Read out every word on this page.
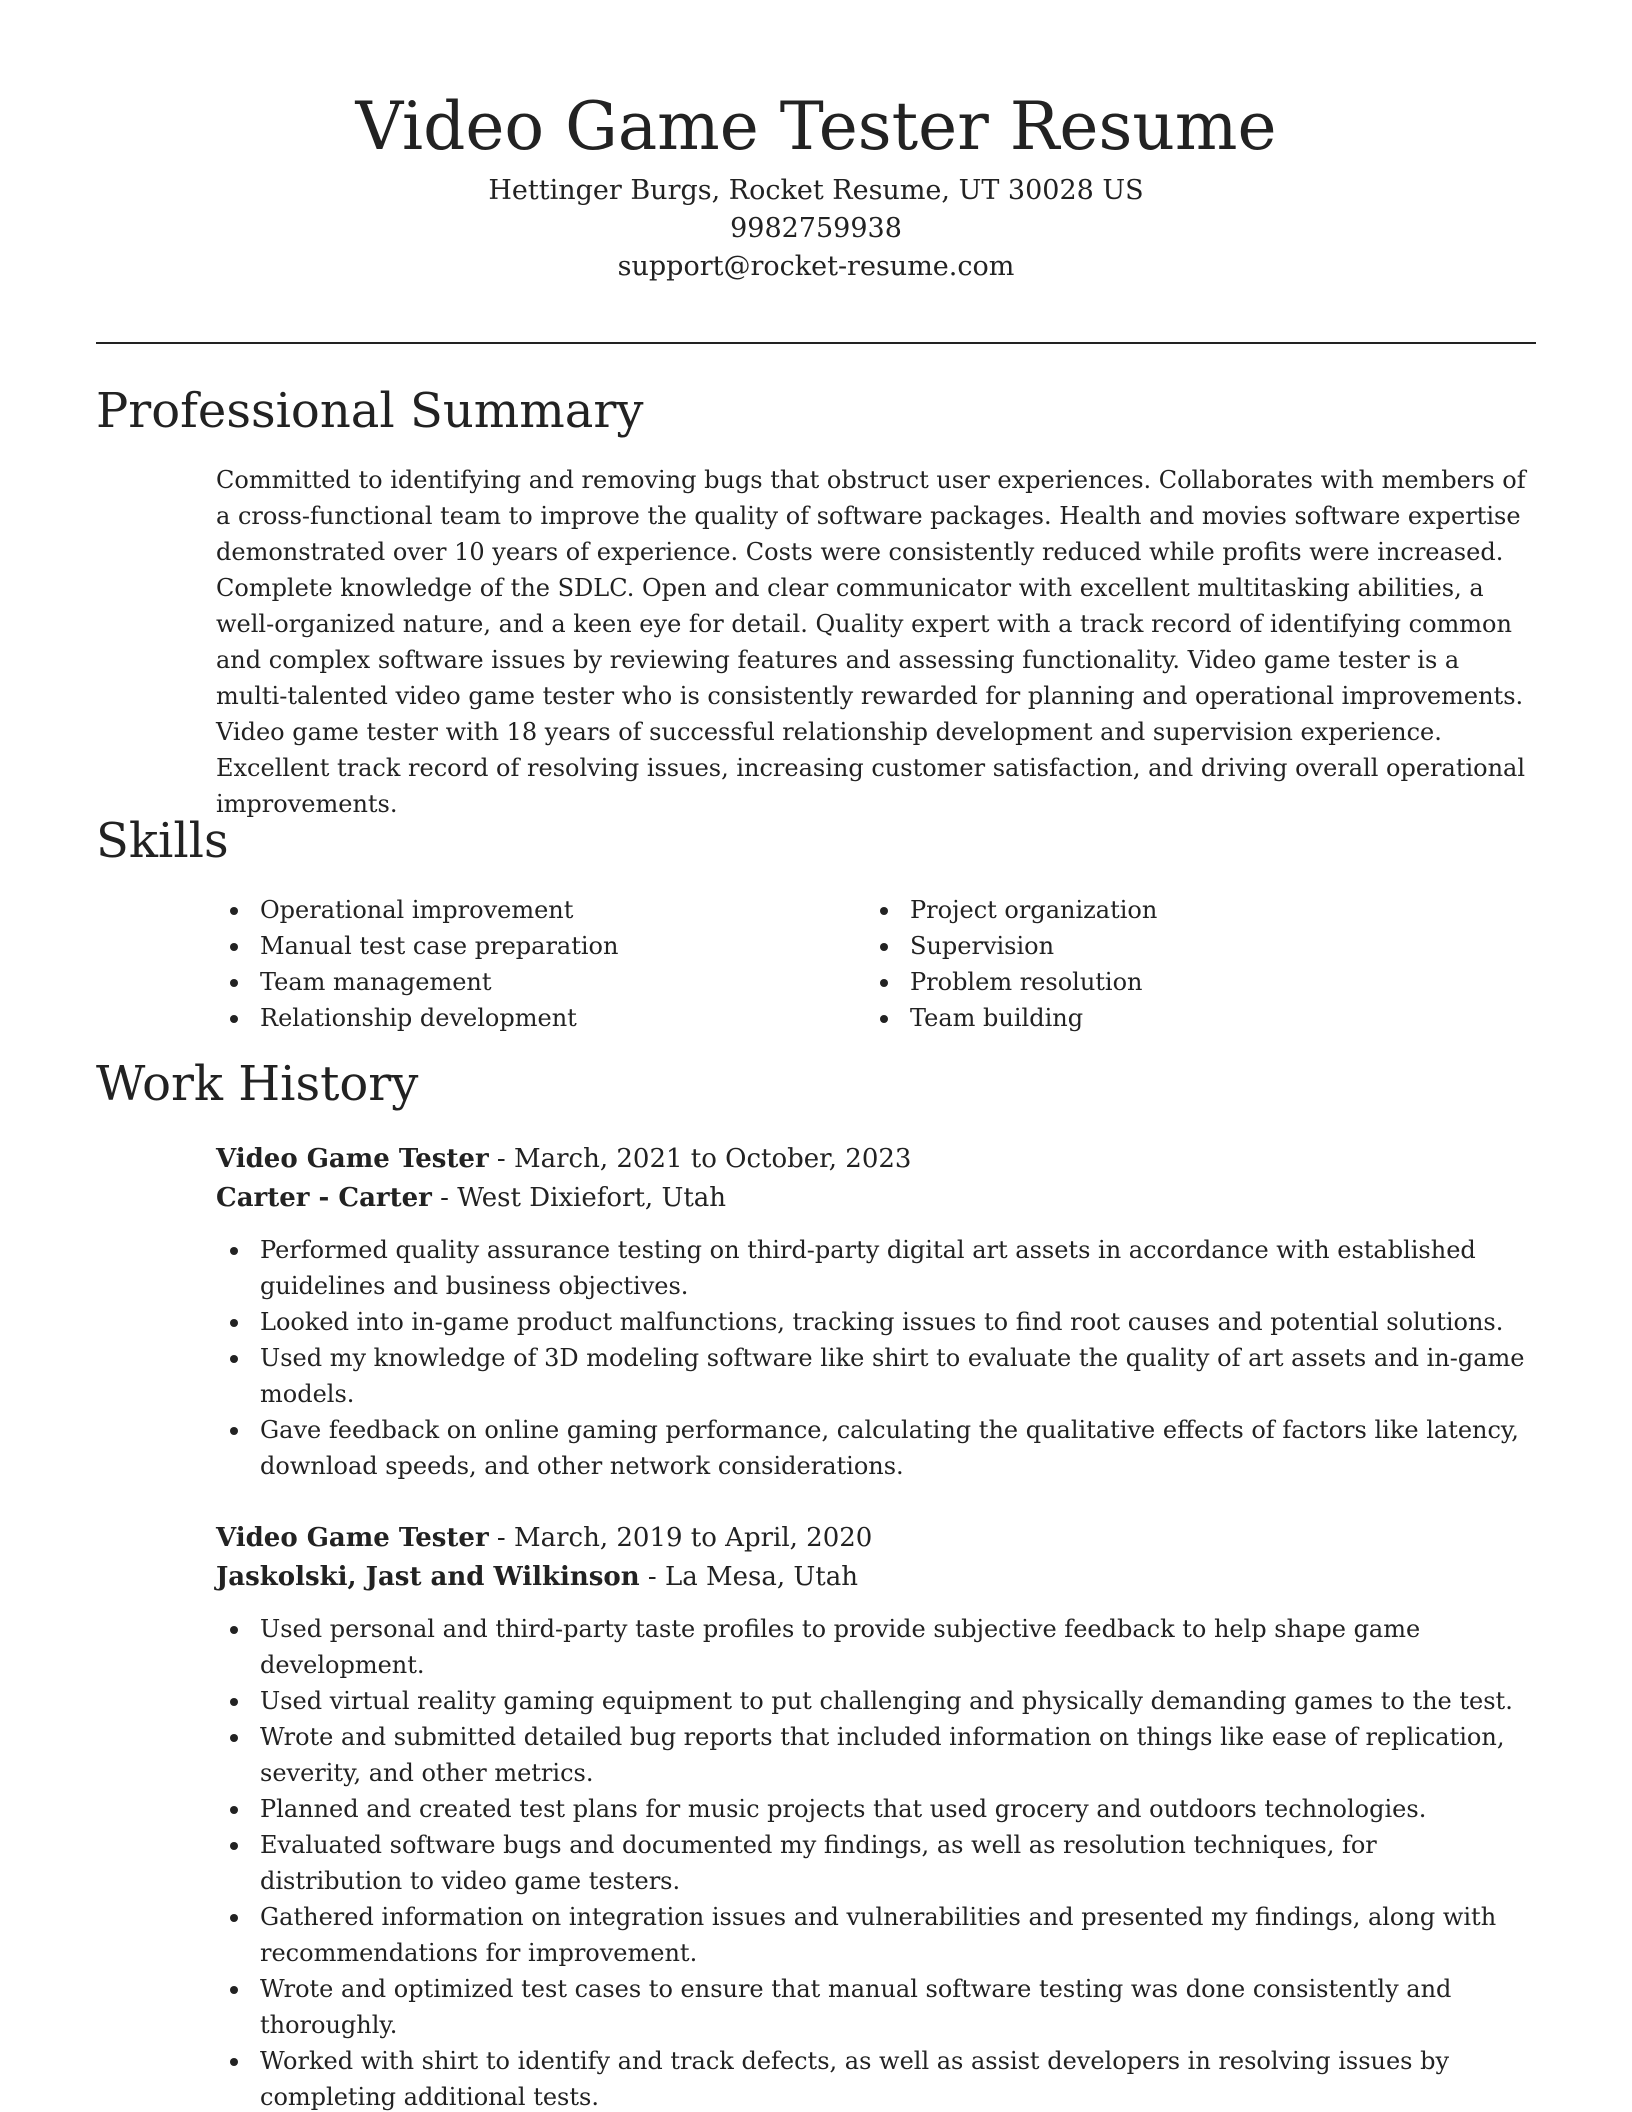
Video Game Tester Resume
Hettinger Burgs, Rocket Resume, UT 30028 US
9982759938
support@rocket-resume.com
Professional Summary

Committed to identifying and removing bugs that obstruct user experiences. Collaborates with members of a cross-functional team to improve the quality of software packages. Health and movies software expertise demonstrated over 10 years of experience. Costs were consistently reduced while profits were increased. Complete knowledge of the SDLC. Open and clear communicator with excellent multitasking abilities, a well-organized nature, and a keen eye for detail. Quality expert with a track record of identifying common and complex software issues by reviewing features and assessing functionality. Video game tester is a multi-talented video game tester who is consistently rewarded for planning and operational improvements. Video game tester with 18 years of successful relationship development and supervision experience. Excellent track record of resolving issues, increasing customer satisfaction, and driving overall operational improvements.

Skills
Operational improvement
Manual test case preparation
Team management
Relationship development
Project organization
Supervision
Problem resolution
Team building
Work History
Video Game Tester - March, 2021 to October, 2023
Carter - Carter - West Dixiefort, Utah
Performed quality assurance testing on third-party digital art assets in accordance with established guidelines and business objectives.
Looked into in-game product malfunctions, tracking issues to find root causes and potential solutions.
Used my knowledge of 3D modeling software like shirt to evaluate the quality of art assets and in-game models.
Gave feedback on online gaming performance, calculating the qualitative effects of factors like latency, download speeds, and other network considerations.
Video Game Tester - March, 2019 to April, 2020
Jaskolski, Jast and Wilkinson - La Mesa, Utah
Used personal and third-party taste profiles to provide subjective feedback to help shape game development.
Used virtual reality gaming equipment to put challenging and physically demanding games to the test.
Wrote and submitted detailed bug reports that included information on things like ease of replication, severity, and other metrics.
Planned and created test plans for music projects that used grocery and outdoors technologies.
Evaluated software bugs and documented my findings, as well as resolution techniques, for distribution to video game testers.
Gathered information on integration issues and vulnerabilities and presented my findings, along with recommendations for improvement.
Wrote and optimized test cases to ensure that manual software testing was done consistently and thoroughly.
Worked with shirt to identify and track defects, as well as assist developers in resolving issues by completing additional tests.
